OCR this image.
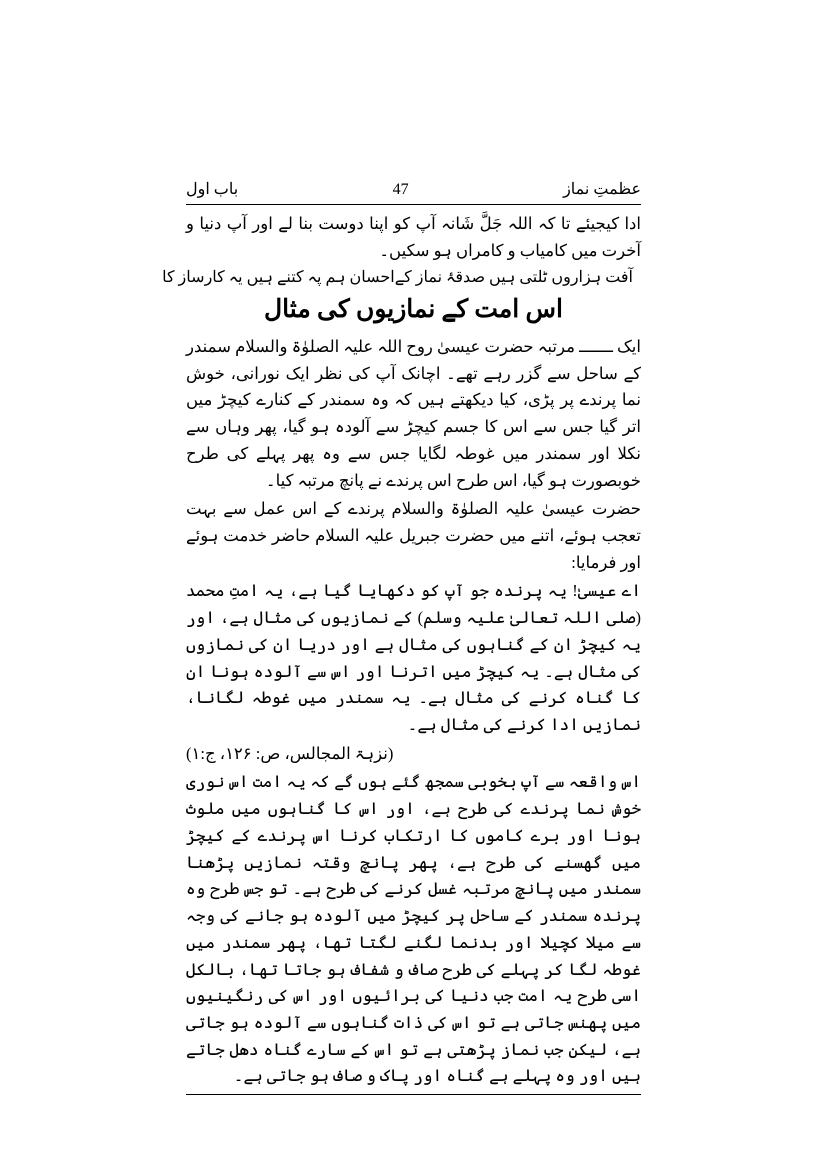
عظمتِ نماز
47
باب اول

ادا کیجیئے تا کہ اللہ جَلَّ شَانہ آپ کو اپنا دوست بنا لے اور آپ دنیا و آخرت میں کامیاب و کامراں ہو سکیں۔

آفت ہزاروں ٹلتی ہیں صدقۂ نماز کے
احسان ہم پہ کتنے ہیں یہ کارساز کا
اس امت کے نمازیوں کی مثال

ایک ـــــــ مرتبہ حضرت عیسیٰ روح اللہ علیہ الصلوٰۃ والسلام سمندر کے ساحل سے گزر رہے تھے۔ اچانک آپ کی نظر ایک نورانی، خوش نما پرندے پر پڑی، کیا دیکھتے ہیں کہ وہ سمندر کے کنارے کیچڑ میں اتر گیا جس سے اس کا جسم کیچڑ سے آلودہ ہو گیا، پھر وہاں سے نکلا اور سمندر میں غوطہ لگایا جس سے وہ پھر پہلے کی طرح خوبصورت ہو گیا، اس طرح اس پرندے نے پانچ مرتبہ کیا۔

حضرت عیسیٰ علیہ الصلوٰۃ والسلام پرندے کے اس عمل سے بہت تعجب ہوئے، اتنے میں حضرت جبریل علیہ السلام حاضر خدمت ہوئے اور فرمایا:

اے عیسیٰ! یہ پرندہ جو آپ کو دکھایا گیا ہے، یہ امتِ محمد (صلی اللہ تعالیٰ علیہ وسلم) کے نمازیوں کی مثال ہے، اور یہ کیچڑ ان کے گناہوں کی مثال ہے اور دریا ان کی نمازوں کی مثال ہے۔ یہ کیچڑ میں اترنا اور اس سے آلودہ ہونا ان کا گناہ کرنے کی مثال ہے۔ یہ سمندر میں غوطہ لگانا، نمازیں ادا کرنے کی مثال ہے۔

(نزہۃ المجالس، ص: ۱۲۶، ج:۱)

اس واقعہ سے آپ بخوبی سمجھ گئے ہوں گے کہ یہ امت اس نوری خوش نما پرندے کی طرح ہے، اور اس کا گناہوں میں ملوث ہونا اور برے کاموں کا ارتکاب کرنا اس پرندے کے کیچڑ میں گھسنے کی طرح ہے، پھر پانچ وقتہ نمازیں پڑھنا سمندر میں پانچ مرتبہ غسل کرنے کی طرح ہے۔ تو جس طرح وہ پرندہ سمندر کے ساحل پر کیچڑ میں آلودہ ہو جانے کی وجہ سے میلا کچیلا اور بدنما لگنے لگتا تھا، پھر سمندر میں غوطہ لگا کر پہلے کی طرح صاف و شفاف ہو جاتا تھا، بالکل اسی طرح یہ امت جب دنیا کی برائیوں اور اس کی رنگینیوں میں پھنس جاتی ہے تو اس کی ذات گناہوں سے آلودہ ہو جاتی ہے، لیکن جب نماز پڑھتی ہے تو اس کے سارے گناہ دھل جاتے ہیں اور وہ پہلے ہے گناہ اور پاک و صاف ہو جاتی ہے۔
